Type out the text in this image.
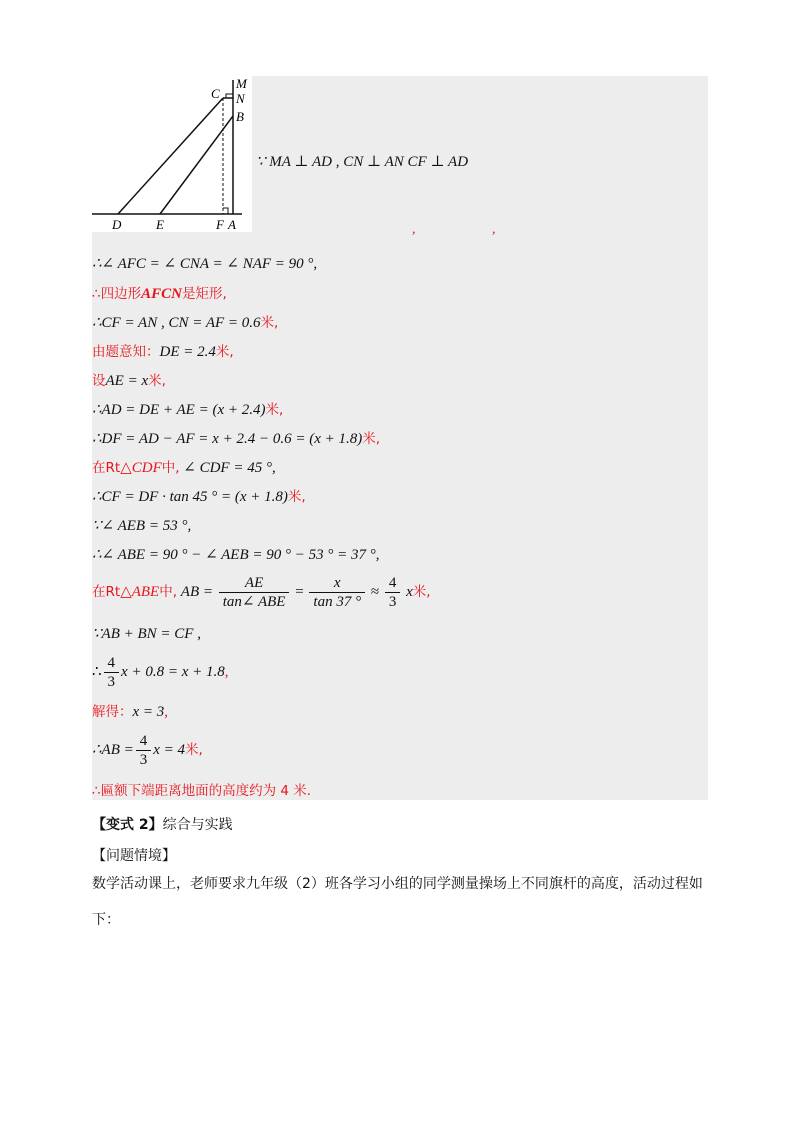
M
N
C
B
D	E	F A
∵ MA ⊥ AD , CN ⊥ AN CF ⊥ AD
,	,
∴∠ AFC = ∠ CNA = ∠ NAF = 90 °,
∴四边形AFCN是矩形,
∴CF = AN , CN = AF = 0.6米,
由题意知：DE = 2.4米,
设AE = x米,
∴AD = DE + AE = (x + 2.4)米,
∴DF = AD − AF = x + 2.4 − 0.6 = (x + 1.8)米,
在Rt△CDF中, ∠ CDF = 45 °,
∴CF = DF · tan 45 ° = (x + 1.8)米,
∵∠ AEB = 53 °,
∴∠ ABE = 90 ° − ∠ AEB = 90 ° − 53 ° = 37 °,
在Rt△ABE中, AB = $\frac{AE}{\text{tan∠ ABE}} = \frac{x}{\tan 37 ^\circ} \approx \frac{4}{3}$ x米,
∵AB + BN = CF ,
∴ $\frac{4}{3}$ x + 0.8 = x + 1.8,
解得：x = 3,
∴AB = $\frac{4}{3}$ x = 4米,
∴匾额下端距离地面的高度约为 4 米.
【变式 2】综合与实践
【问题情境】
数学活动课上，老师要求九年级（2）班各学习小组的同学测量操场上不同旗杆的高度，活动过程如下：
